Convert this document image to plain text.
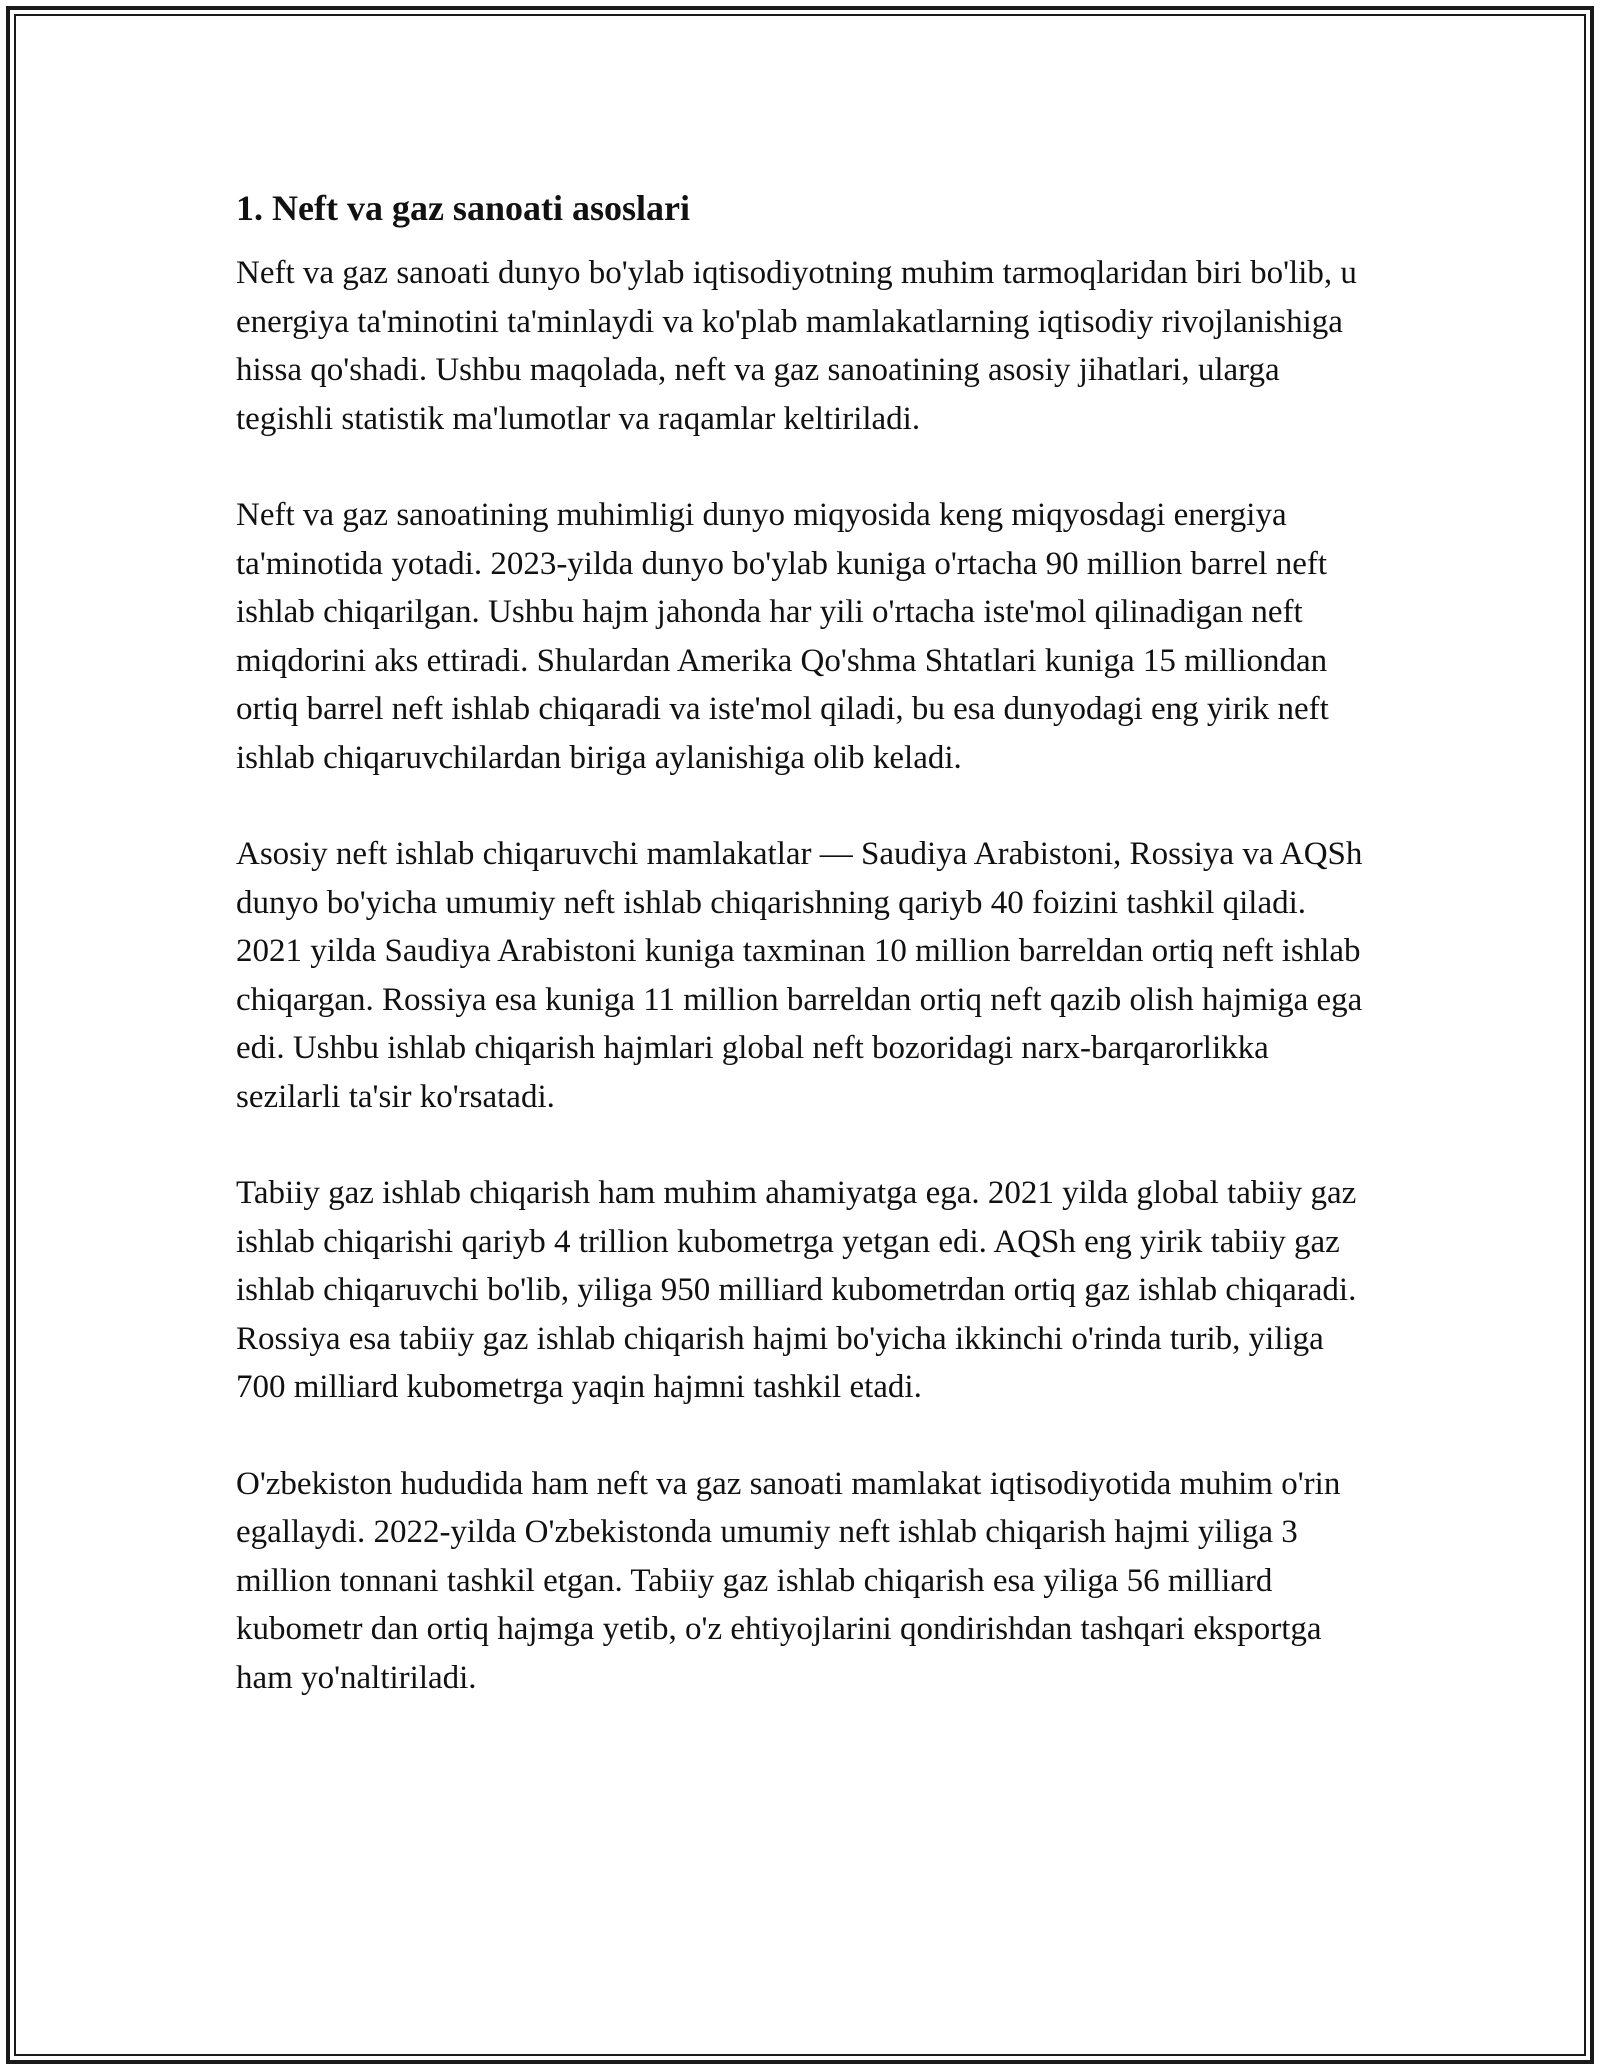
1. Neft va gaz sanoati asoslari

Neft va gaz sanoati dunyo bo'ylab iqtisodiyotning muhim tarmoqlaridan biri bo'lib, u energiya ta'minotini ta'minlaydi va ko'plab mamlakatlarning iqtisodiy rivojlanishiga hissa qo'shadi. Ushbu maqolada, neft va gaz sanoatining asosiy jihatlari, ularga tegishli statistik ma'lumotlar va raqamlar keltiriladi.

Neft va gaz sanoatining muhimligi dunyo miqyosida keng miqyosdagi energiya ta'minotida yotadi. 2023-yilda dunyo bo'ylab kuniga o'rtacha 90 million barrel neft ishlab chiqarilgan. Ushbu hajm jahonda har yili o'rtacha iste'mol qilinadigan neft miqdorini aks ettiradi. Shulardan Amerika Qo'shma Shtatlari kuniga 15 milliondan ortiq barrel neft ishlab chiqaradi va iste'mol qiladi, bu esa dunyodagi eng yirik neft ishlab chiqaruvchilardan biriga aylanishiga olib keladi.

Asosiy neft ishlab chiqaruvchi mamlakatlar — Saudiya Arabistoni, Rossiya va AQSh dunyo bo'yicha umumiy neft ishlab chiqarishning qariyb 40 foizini tashkil qiladi. 2021 yilda Saudiya Arabistoni kuniga taxminan 10 million barreldan ortiq neft ishlab chiqargan. Rossiya esa kuniga 11 million barreldan ortiq neft qazib olish hajmiga ega edi. Ushbu ishlab chiqarish hajmlari global neft bozoridagi narx-barqarorlikka sezilarli ta'sir ko'rsatadi.

Tabiiy gaz ishlab chiqarish ham muhim ahamiyatga ega. 2021 yilda global tabiiy gaz ishlab chiqarishi qariyb 4 trillion kubometrga yetgan edi. AQSh eng yirik tabiiy gaz ishlab chiqaruvchi bo'lib, yiliga 950 milliard kubometrdan ortiq gaz ishlab chiqaradi. Rossiya esa tabiiy gaz ishlab chiqarish hajmi bo'yicha ikkinchi o'rinda turib, yiliga 700 milliard kubometrga yaqin hajmni tashkil etadi.

O'zbekiston hududida ham neft va gaz sanoati mamlakat iqtisodiyotida muhim o'rin egallaydi. 2022-yilda O'zbekistonda umumiy neft ishlab chiqarish hajmi yiliga 3 million tonnani tashkil etgan. Tabiiy gaz ishlab chiqarish esa yiliga 56 milliard kubometr dan ortiq hajmga yetib, o'z ehtiyojlarini qondirishdan tashqari eksportga ham yo'naltiriladi.
